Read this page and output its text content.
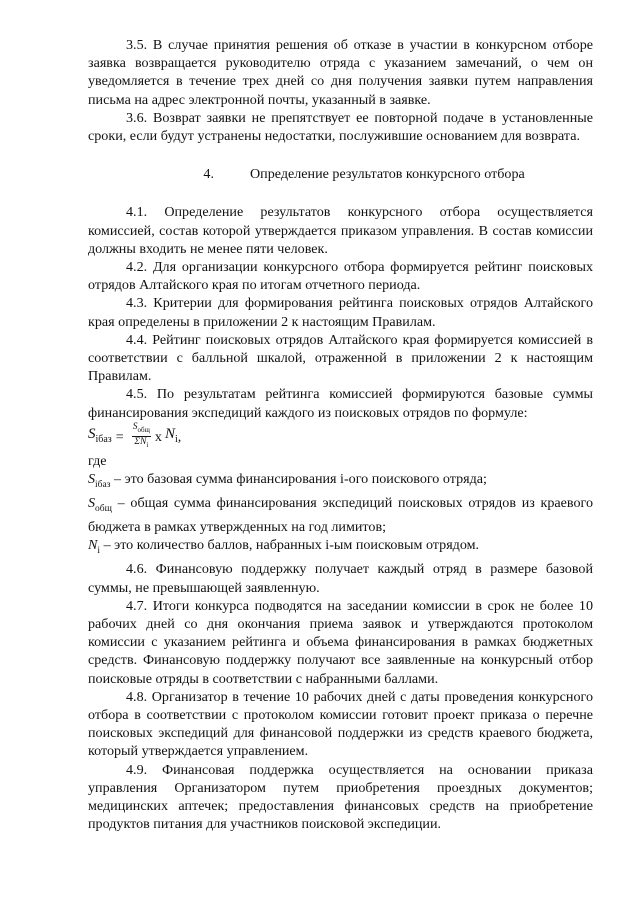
3.5. В случае принятия решения об отказе в участии в конкурсном отборе заявка возвращается руководителю отряда с указанием замечаний, о чем он уведомляется в течение трех дней со дня получения заявки путем направления письма на адрес электронной почты, указанный в заявке.

3.6. Возврат заявки не препятствует ее повторной подаче в установленные сроки, если будут устранены недостатки, послужившие основанием для возврата.

4.	Определение результатов конкурсного отбора

4.1. Определение результатов конкурсного отбора осуществляется комиссией, состав которой утверждается приказом управления. В состав комиссии должны входить не менее пяти человек.

4.2. Для организации конкурсного отбора формируется рейтинг поисковых отрядов Алтайского края по итогам отчетного периода.

4.3. Критерии для формирования рейтинга поисковых отрядов Алтайского края определены в приложении 2 к настоящим Правилам.

4.4. Рейтинг поисковых отрядов Алтайского края формируется комиссией в соответствии с балльной шкалой, отраженной в приложении 2 к настоящим Правилам.

4.5. По результатам рейтинга комиссией формируются базовые суммы финансирования экспедиций каждого из поисковых отрядов по формуле:

$S_{iбаз} = \frac{S_{общ}}{\Sigma N_i}$ x $N_i$ ,

где

$S_{iбаз}$ – это базовая сумма финансирования i-ого поискового отряда;

$S_{общ}$ – общая сумма финансирования экспедиций поисковых отрядов из краевого бюджета в рамках утвержденных на год лимитов;

$N_i$ – это количество баллов, набранных i-ым поисковым отрядом.

4.6. Финансовую поддержку получает каждый отряд в размере базовой суммы, не превышающей заявленную.

4.7. Итоги конкурса подводятся на заседании комиссии в срок не более 10 рабочих дней со дня окончания приема заявок и утверждаются протоколом комиссии с указанием рейтинга и объема финансирования в рамках бюджетных средств. Финансовую поддержку получают все заявленные на конкурсный отбор поисковые отряды в соответствии с набранными баллами.

4.8. Организатор в течение 10 рабочих дней с даты проведения конкурсного отбора в соответствии с протоколом комиссии готовит проект приказа о перечне поисковых экспедиций для финансовой поддержки из средств краевого бюджета, который утверждается управлением.

4.9. Финансовая поддержка осуществляется на основании приказа управления Организатором путем приобретения проездных документов; медицинских аптечек; предоставления финансовых средств на приобретение продуктов питания для участников поисковой экспедиции.
